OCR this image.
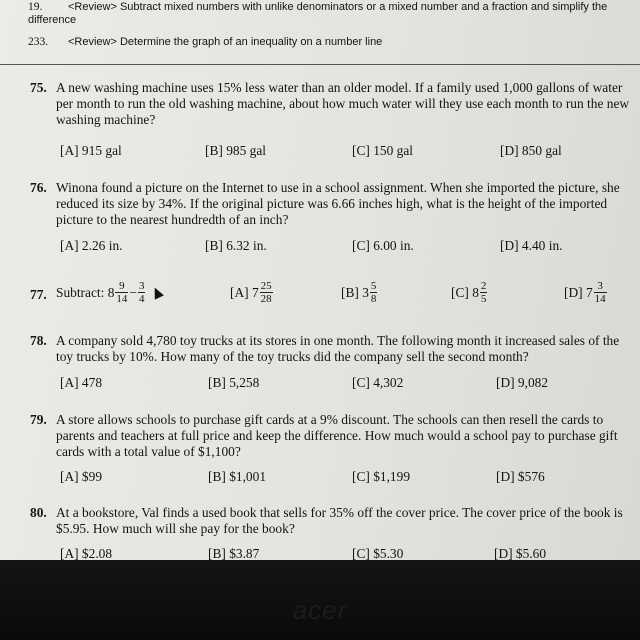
19. <Review> Subtract mixed numbers with unlike denominators or a mixed number and a fraction and simplify the
difference
233. <Review> Determine the graph of an inequality on a number line
75. A new washing machine uses 15% less water than an older model. If a family used 1,000 gallons of water per month to run the old washing machine, about how much water will they use each month to run the new washing machine?
[A] 915 gal	[B] 985 gal	[C] 150 gal	[D] 850 gal
76. Winona found a picture on the Internet to use in a school assignment. When she imported the picture, she reduced its size by 34%. If the original picture was 6.66 inches high, what is the height of the imported picture to the nearest hundredth of an inch?
[A] 2.26 in.	[B] 6.32 in.	[C] 6.00 in.	[D] 4.40 in.
77. Subtract:
$8 \frac{9}{14} - \frac{3}{4}$	[A]
$7 \frac{25}{28}$	[B]
$3 \frac{5}{8}$	[C]
$8 \frac{2}{5}$	[D]
$7 \frac{3}{14}$
78. A company sold 4,780 toy trucks at its stores in one month. The following month it increased sales of the toy trucks by 10%. How many of the toy trucks did the company sell the second month?
[A] 478	[B] 5,258	[C] 4,302	[D] 9,082
79. A store allows schools to purchase gift cards at a 9% discount. The schools can then resell the cards to parents and teachers at full price and keep the difference. How much would a school pay to purchase gift cards with a total value of $1,100?
[A] $99	[B] $1,001	[C] $1,199	[D] $576
80. At a bookstore, Val finds a used book that sells for 35% off the cover price. The cover price of the book is $5.95. How much will she pay for the book?
[A] $2.08	[B] $3.87	[C] $5.30	[D] $5.60
acer
